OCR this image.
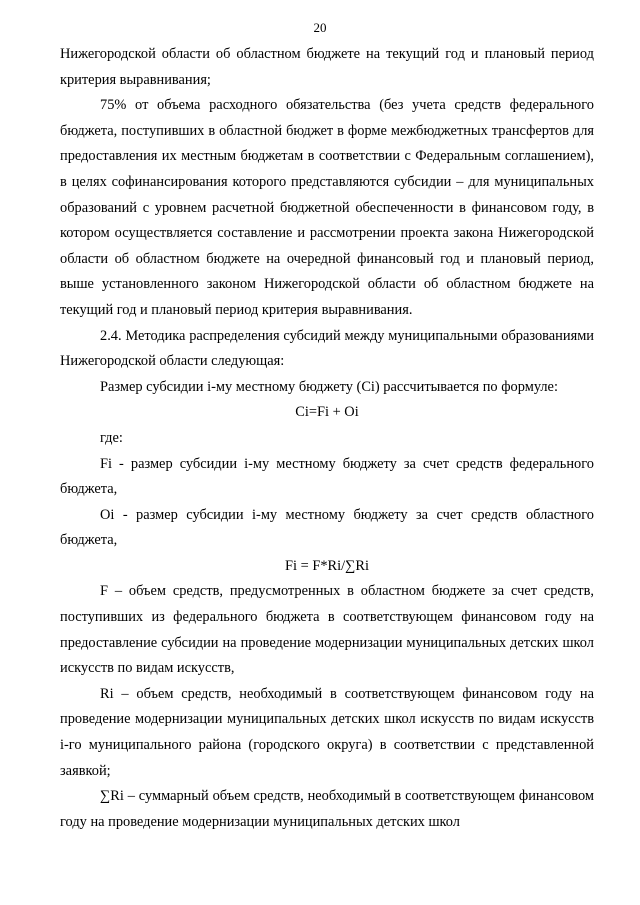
20

Нижегородской области об областном бюджете на текущий год и плановый период критерия выравнивания;

75% от объема расходного обязательства (без учета средств федерального бюджета, поступивших в областной бюджет в форме межбюджетных трансфертов для предоставления их местным бюджетам в соответствии с Федеральным соглашением), в целях софинансирования которого представляются субсидии – для муниципальных образований с уровнем расчетной бюджетной обеспеченности в финансовом году, в котором осуществляется составление и рассмотрении проекта закона Нижегородской области об областном бюджете на очередной финансовый год и плановый период, выше установленного законом Нижегородской области об областном бюджете на текущий год и плановый период критерия выравнивания.

2.4. Методика распределения субсидий между муниципальными образованиями Нижегородской области следующая:

Размер субсидии i-му местному бюджету (Ci) рассчитывается по формуле:

Ci=Fi + Oi

где:

Fi - размер субсидии i-му местному бюджету за счет средств федерального бюджета,

Oi - размер субсидии i-му местному бюджету за счет средств областного бюджета,

Fi = F*Ri/∑Ri

F – объем средств, предусмотренных в областном бюджете за счет средств, поступивших из федерального бюджета в соответствующем финансовом году на предоставление субсидии на проведение модернизации муниципальных детских школ искусств по видам искусств,

Ri – объем средств, необходимый в соответствующем финансовом году на проведение модернизации муниципальных детских школ искусств по видам искусств i-го муниципального района (городского округа) в соответствии с представленной заявкой;

∑Ri – суммарный объем средств, необходимый в соответствующем финансовом году на проведение модернизации муниципальных детских школ
